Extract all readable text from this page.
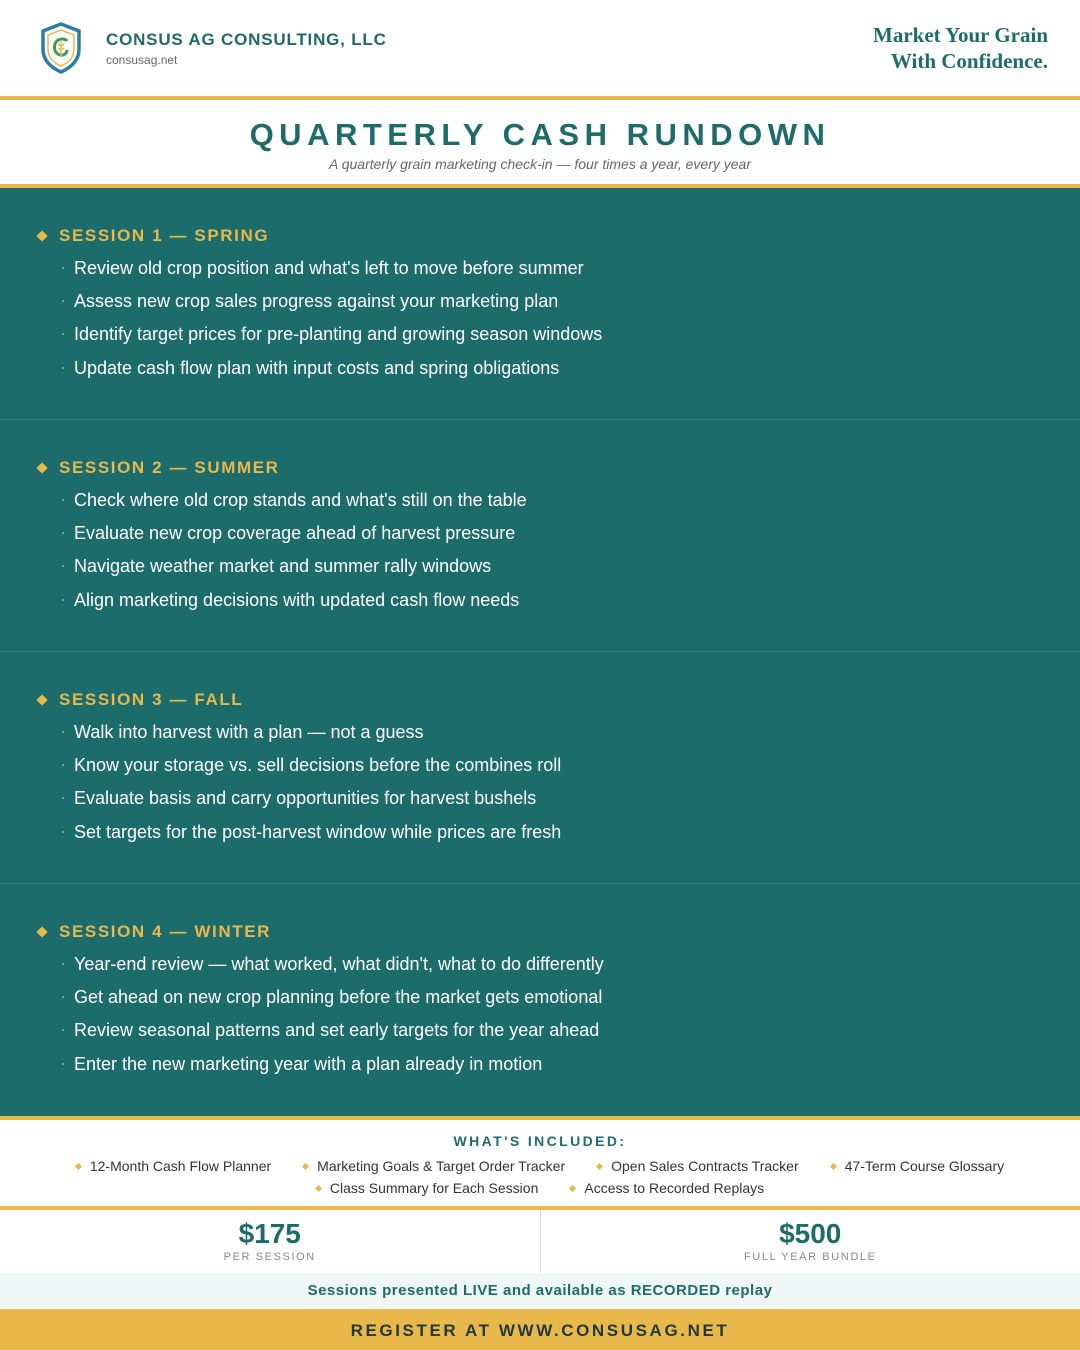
CONSUS AG CONSULTING, LLC
consusag.net
Market Your Grain
With Confidence.
QUARTERLY CASH RUNDOWN
A quarterly grain marketing check-in — four times a year, every year
SESSION 1 — SPRING
Review old crop position and what's left to move before summer
Assess new crop sales progress against your marketing plan
Identify target prices for pre-planting and growing season windows
Update cash flow plan with input costs and spring obligations
SESSION 2 — SUMMER
Check where old crop stands and what's still on the table
Evaluate new crop coverage ahead of harvest pressure
Navigate weather market and summer rally windows
Align marketing decisions with updated cash flow needs
SESSION 3 — FALL
Walk into harvest with a plan — not a guess
Know your storage vs. sell decisions before the combines roll
Evaluate basis and carry opportunities for harvest bushels
Set targets for the post-harvest window while prices are fresh
SESSION 4 — WINTER
Year-end review — what worked, what didn't, what to do differently
Get ahead on new crop planning before the market gets emotional
Review seasonal patterns and set early targets for the year ahead
Enter the new marketing year with a plan already in motion
WHAT'S INCLUDED:
12-Month Cash Flow Planner	Marketing Goals & Target Order Tracker	Open Sales Contracts Tracker	47-Term Course Glossary
Class Summary for Each Session	Access to Recorded Replays
$175
PER SESSION
$500
FULL YEAR BUNDLE
Sessions presented LIVE and available as RECORDED replay
REGISTER AT WWW.CONSUSAG.NET
